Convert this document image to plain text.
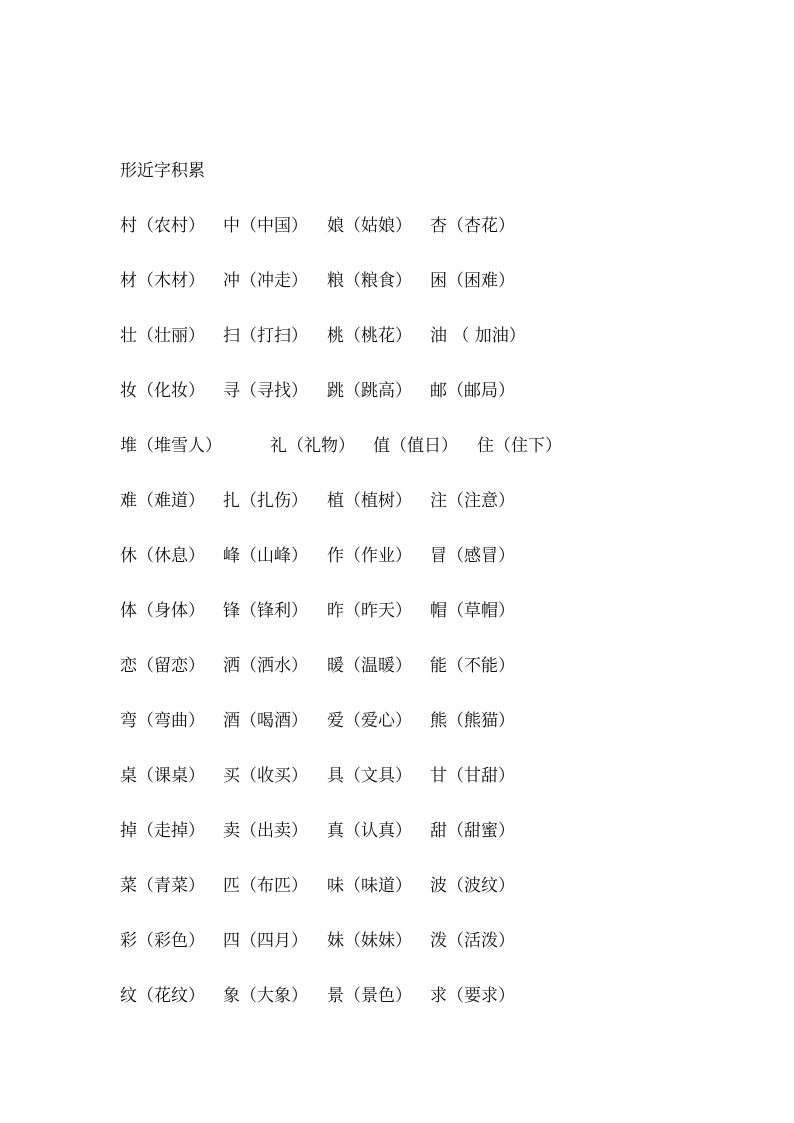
形近字积累
村（农村） 中（中国） 娘（姑娘） 杏（杏花）
材（木材） 冲（冲走） 粮（粮食） 困（困难）
壮（壮丽） 扫（打扫） 桃（桃花） 油 （ 加油）
妆（化妆） 寻（寻找） 跳（跳高） 邮（邮局）
堆（堆雪人）	礼（礼物） 值（值日） 住（住下）
难（难道） 扎（扎伤） 植（植树） 注（注意）
休（休息） 峰（山峰） 作（作业） 冒（感冒）
体（身体） 锋（锋利） 昨（昨天） 帽（草帽）
恋（留恋） 洒（洒水） 暖（温暖） 能（不能）
弯（弯曲） 酒（喝酒） 爱（爱心） 熊（熊猫）
桌（课桌） 买（收买） 具（文具） 甘（甘甜）
掉（走掉） 卖（出卖） 真（认真） 甜（甜蜜）
菜（青菜） 匹（布匹） 味（味道） 波（波纹）
彩（彩色） 四（四月） 妹（妹妹） 泼（活泼）
纹（花纹） 象（大象） 景（景色） 求（要求）
